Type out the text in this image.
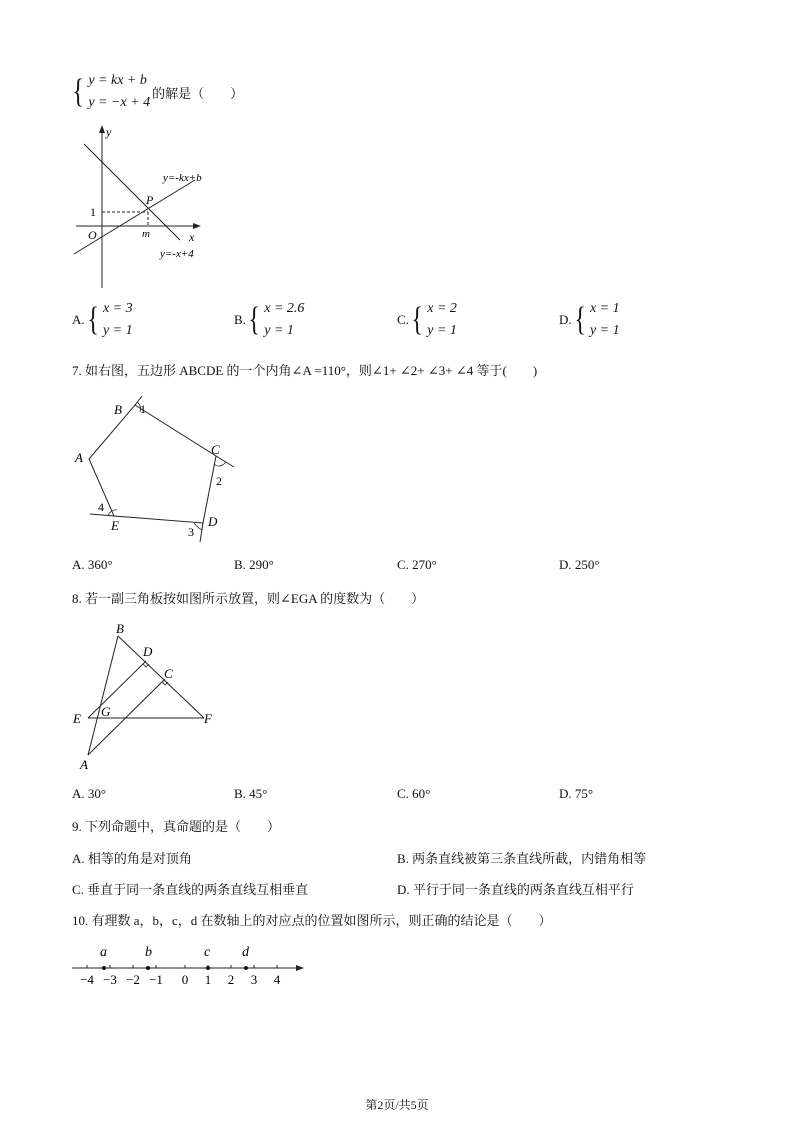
{ y = kx + b
y = −x + 4
的解是（　　）
y
x
O
1
m
P
y=-kx+b
y=-x+4
A. { x = 3
y = 1
B. { x = 2.6
y = 1
C. { x = 2
y = 1
D. { x = 1
y = 1
7. 如右图，五边形 ABCDE 的一个内角∠A =110°，则∠1+ ∠2+ ∠3+ ∠4 等于(　　)
A
B
C
D
E
1
2
3
4
A. 360°	B. 290°	C. 270°	D. 250°
8. 若一副三角板按如图所示放置，则∠EGA 的度数为（　　）
B
D
C
E G	F
A
A. 30°	B. 45°	C. 60°	D. 75°
9. 下列命题中，真命题的是（　　）
A. 相等的角是对顶角	B. 两条直线被第三条直线所截，内错角相等
C. 垂直于同一条直线的两条直线互相垂直	D. 平行于同一条直线的两条直线互相平行
10. 有理数 a，b，c，d 在数轴上的对应点的位置如图所示，则正确的结论是（　　）
a	b	c d
−4 −3 −2 −1 0 1 2 3 4
第2页/共5页
